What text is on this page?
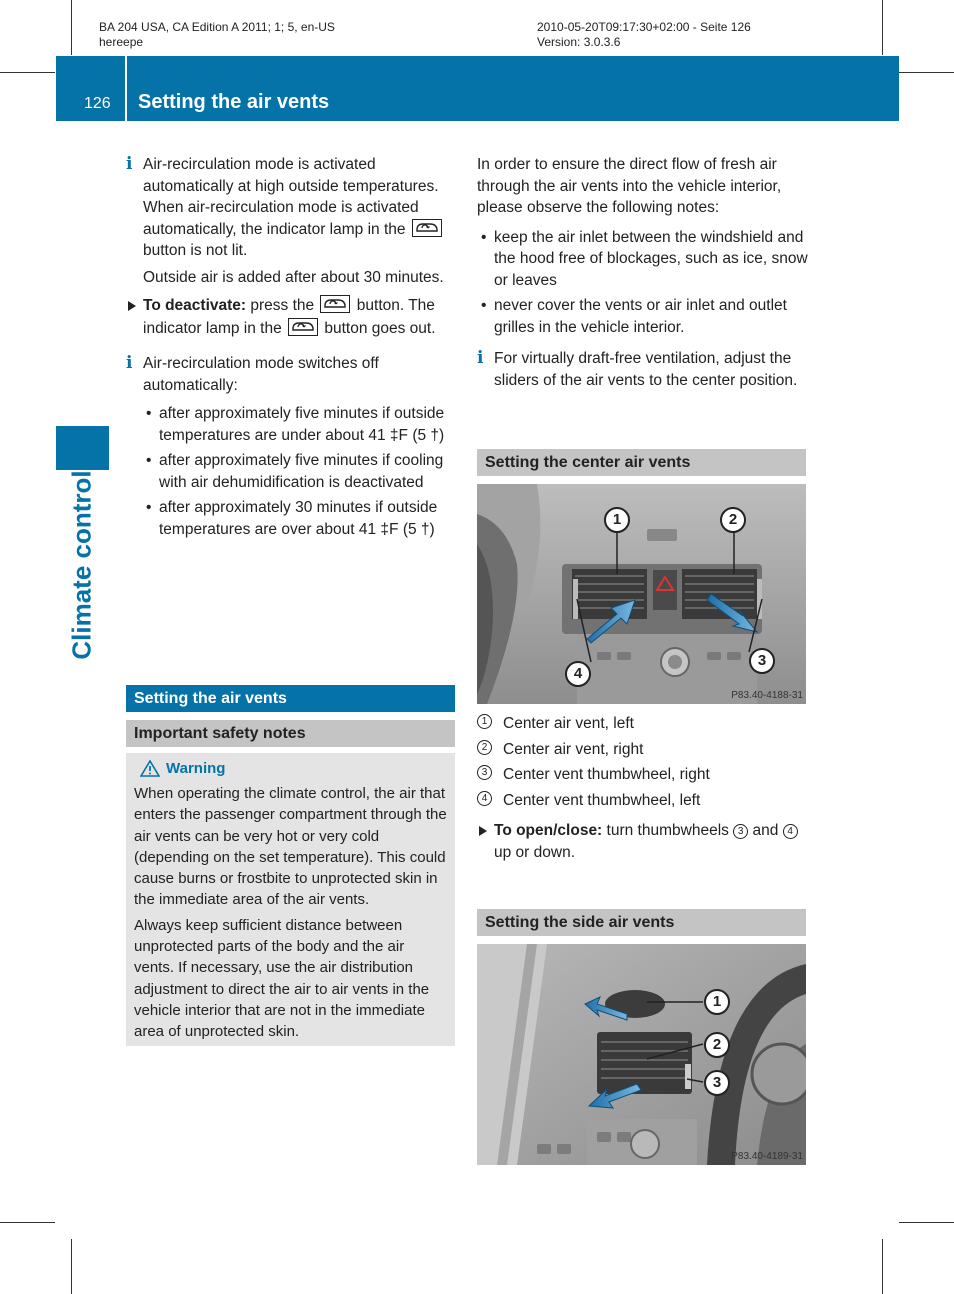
BA 204 USA, CA Edition A 2011; 1; 5, en-US
hereepe
2010-05-20T09:17:30+02:00 - Seite 126
Version: 3.0.3.6
126 Setting the air vents
Climate control
i Air-recirculation mode is activated automatically at high outside temperatures. When air-recirculation mode is activated automatically, the indicator lamp in the
button is not lit.

Outside air is added after about 30 minutes.

To deactivate: press the	button. The indicator lamp in the	button goes out.

i Air-recirculation mode switches off automatically:

• after approximately five minutes if outside temperatures are under about 41 ‡F (5 †)

• after approximately five minutes if cooling with air dehumidification is deactivated

• after approximately 30 minutes if outside temperatures are over about 41 ‡F (5 †)

Setting the air vents
Important safety notes
Warning

When operating the climate control, the air that enters the passenger compartment through the air vents can be very hot or very cold (depending on the set temperature). This could cause burns or frostbite to unprotected skin in the immediate area of the air vents.

Always keep sufficient distance between unprotected parts of the body and the air vents. If necessary, use the air distribution adjustment to direct the air to air vents in the vehicle interior that are not in the immediate area of unprotected skin.

In order to ensure the direct flow of fresh air through the air vents into the vehicle interior, please observe the following notes:

• keep the air inlet between the windshield and the hood free of blockages, such as ice, snow or leaves

• never cover the vents or air inlet and outlet grilles in the vehicle interior.

i For virtually draft-free ventilation, adjust the sliders of the air vents to the center position.

Setting the center air vents
1	2
3
4
P83.40-4188-31
1	Center air vent, left
2	Center air vent, right
3	Center vent thumbwheel, right
4	Center vent thumbwheel, left

To open/close: turn thumbwheels 3 and 4 up or down.

Setting the side air vents
1
2
3
P83.40-4189-31
